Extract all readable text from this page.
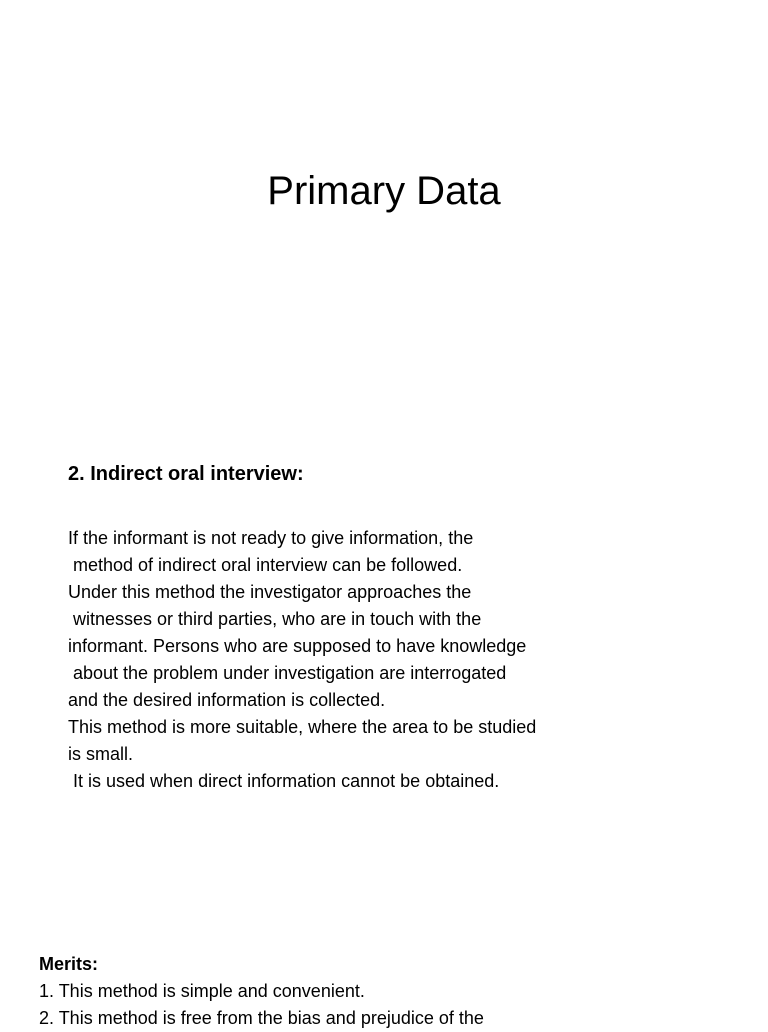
Primary Data
2. Indirect oral interview:
If the informant is not ready to give information, the
method of indirect oral interview can be followed.
Under this method the investigator approaches the
witnesses or third parties, who are in touch with the
informant. Persons who are supposed to have knowledge
about the problem under investigation are interrogated
and the desired information is collected.
This method is more suitable, where the area to be studied
is small.
It is used when direct information cannot be obtained.
Merits:
1. This method is simple and convenient.
2. This method is free from the bias and prejudice of the
